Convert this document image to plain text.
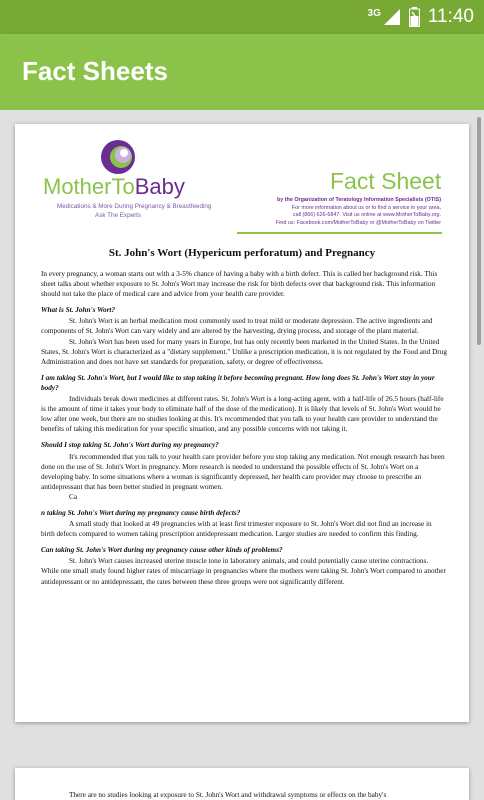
3G 11:40
Fact Sheets
MotherToBaby
Medications & More During Pregnancy & Breastfeeding
Ask The Experts
Fact Sheet
by the Organization of Teratology Information Specialists (OTIS)
For more information about us or to find a service in your area,
call (866) 626-6847. Visit us online at www.MotherToBaby.org.
Find us: Facebook.com/MotherToBaby or @MotherToBaby on Twitter
St. John's Wort (Hypericum perforatum) and Pregnancy

In every pregnancy, a woman starts out with a 3-5% chance of having a baby with a birth defect. This is called her background risk. This sheet talks about whether exposure to St. John's Wort may increase the risk for birth defects over that background risk. This information should not take the place of medical care and advice from your health care provider.

What is St. John's Wort?

St. John's Wort is an herbal medication most commonly used to treat mild or moderate depression. The active ingredients and components of St. John's Wort can vary widely and are altered by the harvesting, drying process, and storage of the plant material.

St. John's Wort has been used for many years in Europe, but has only recently been marketed in the United States. In the United States, St. John's Wort is characterized as a "dietary supplement." Unlike a prescription medication, it is not regulated by the Food and Drug Administration and does not have set standards for preparation, safety, or degree of effectiveness.

I am taking St. John's Wort, but I would like to stop taking it before becoming pregnant. How long does St. John's Wort stay in your body?

Individuals break down medicines at different rates. St. John's Wort is a long-acting agent, with a half-life of 26.5 hours (half-life is the amount of time it takes your body to eliminate half of the dose of the medication). It is likely that levels of St. John's Wort would be low after one week, but there are no studies looking at this. It's recommended that you talk to your health care provider to understand the benefits of taking this medication for your specific situation, and any possible concerns with not taking it.

Should I stop taking St. John's Wort during my pregnancy?

It's recommended that you talk to your health care provider before you stop taking any medication. Not enough research has been done on the use of St. John's Wort in pregnancy. More research is needed to understand the possible effects of St. John's Wort on a developing baby. In some situations where a woman is significantly depressed, her health care provider may choose to prescribe an antidepressant that has been better studied in pregnant women.

Ca

n taking St. John's Wort during my pregnancy cause birth defects?

A small study that looked at 49 pregnancies with at least first trimester exposure to St. John's Wort did not find an increase in birth defects compared to women taking prescription antidepressant medication. Larger studies are needed to confirm this finding.

Can taking St. John's Wort during my pregnancy cause other kinds of problems?

St. John's Wort causes increased uterine muscle tone in laboratory animals, and could potentially cause uterine contractions. While one small study found higher rates of miscarriage in pregnancies where the mothers were taking St. John's Wort compared to another antidepressant or no antidepressant, the rates between these three groups were not significantly different.

There are no studies looking at exposure to St. John's Wort and withdrawal symptoms or effects on the baby's
